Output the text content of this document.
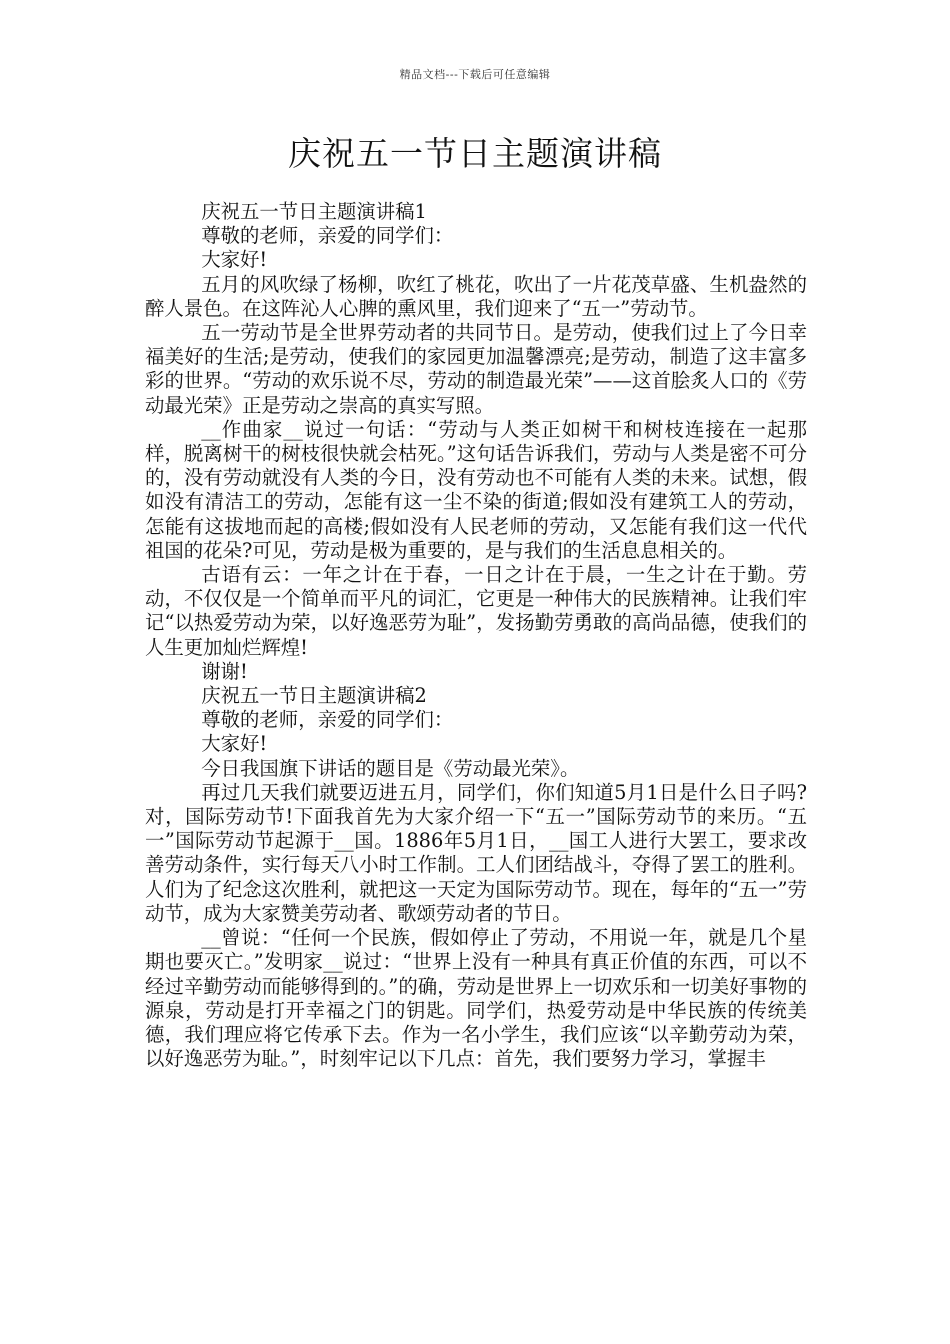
精品文档---下载后可任意编辑
庆祝五一节日主题演讲稿

庆祝五一节日主题演讲稿1

尊敬的老师，亲爱的同学们：

大家好!

五月的风吹绿了杨柳，吹红了桃花，吹出了一片花茂草盛、生机盎然的醉人景色。在这阵沁人心脾的熏风里，我们迎来了“五一”劳动节。

五一劳动节是全世界劳动者的共同节日。是劳动，使我们过上了今日幸福美好的生活;是劳动，使我们的家园更加温馨漂亮;是劳动，制造了这丰富多彩的世界。“劳动的欢乐说不尽，劳动的制造最光荣”——这首脍炙人口的《劳动最光荣》正是劳动之崇高的真实写照。

__作曲家__说过一句话：“劳动与人类正如树干和树枝连接在一起那样，脱离树干的树枝很快就会枯死。”这句话告诉我们，劳动与人类是密不可分的，没有劳动就没有人类的今日，没有劳动也不可能有人类的未来。试想，假如没有清洁工的劳动，怎能有这一尘不染的街道;假如没有建筑工人的劳动，怎能有这拔地而起的高楼;假如没有人民老师的劳动，又怎能有我们这一代代祖国的花朵?可见，劳动是极为重要的，是与我们的生活息息相关的。

古语有云：一年之计在于春，一日之计在于晨，一生之计在于勤。劳动，不仅仅是一个简单而平凡的词汇，它更是一种伟大的民族精神。让我们牢记“以热爱劳动为荣，以好逸恶劳为耻”，发扬勤劳勇敢的高尚品德，使我们的人生更加灿烂辉煌!

谢谢!

庆祝五一节日主题演讲稿2

尊敬的老师，亲爱的同学们：

大家好!

今日我国旗下讲话的题目是《劳动最光荣》。

再过几天我们就要迈进五月，同学们，你们知道5月1日是什么日子吗?对，国际劳动节!下面我首先为大家介绍一下“五一”国际劳动节的来历。“五一”国际劳动节起源于__国。1886年5月1日，__国工人进行大罢工，要求改善劳动条件，实行每天八小时工作制。工人们团结战斗，夺得了罢工的胜利。人们为了纪念这次胜利，就把这一天定为国际劳动节。现在，每年的“五一”劳动节，成为大家赞美劳动者、歌颂劳动者的节日。

__曾说：“任何一个民族，假如停止了劳动，不用说一年，就是几个星期也要灭亡。”发明家__说过：“世界上没有一种具有真正价值的东西，可以不经过辛勤劳动而能够得到的。”的确，劳动是世界上一切欢乐和一切美好事物的源泉，劳动是打开幸福之门的钥匙。同学们，热爱劳动是中华民族的传统美德，我们理应将它传承下去。作为一名小学生，我们应该“以辛勤劳动为荣，以好逸恶劳为耻。”，时刻牢记以下几点：首先，我们要努力学习，掌握丰
